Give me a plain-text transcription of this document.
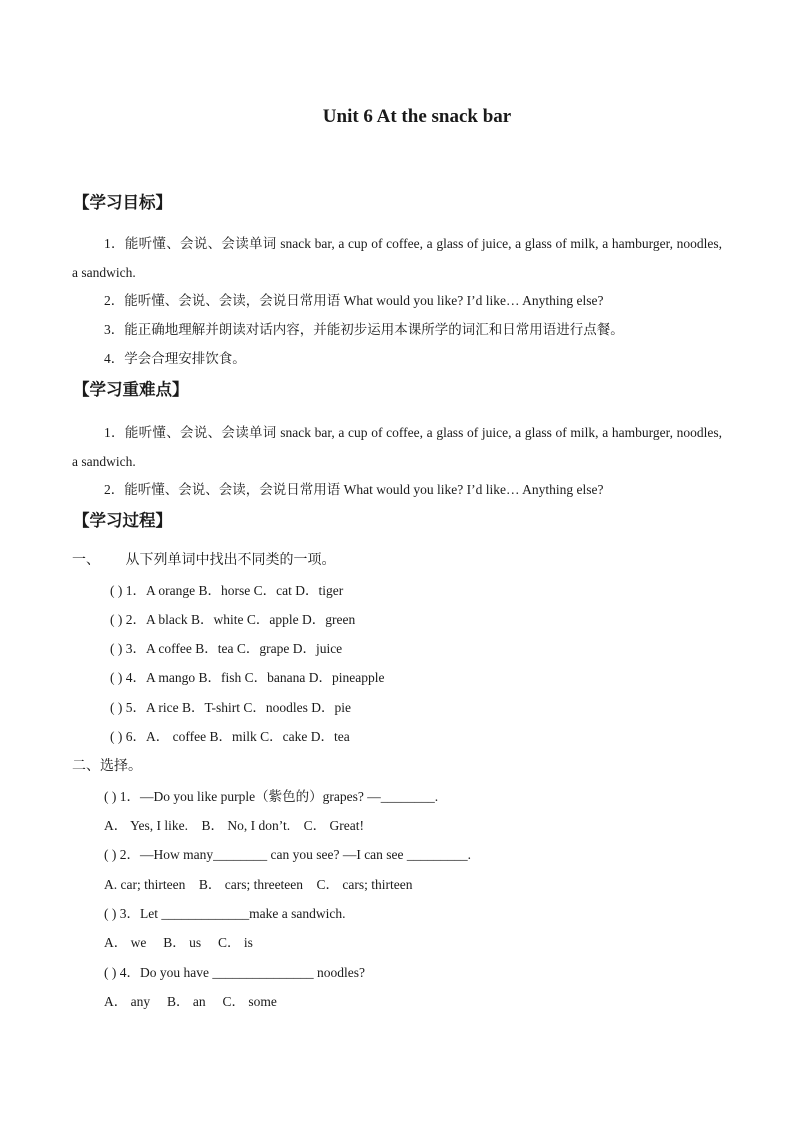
Unit 6 At the snack bar
【学习目标】
1．能听懂、会说、会读单词 snack bar, a cup of coffee, a glass of juice, a glass of milk, a hamburger, noodles, a sandwich.
2．能听懂、会说、会读，会说日常用语 What would you like? I’d like… Anything else?
3．能正确地理解并朗读对话内容，并能初步运用本课所学的词汇和日常用语进行点餐。
4．学会合理安排饮食。
【学习重难点】
1．能听懂、会说、会读单词 snack bar, a cup of coffee, a glass of juice, a glass of milk, a hamburger, noodles, a sandwich.
2．能听懂、会说、会读，会说日常用语 What would you like? I’d like… Anything else?
【学习过程】
一、 从下列单词中找出不同类的一项。
( ) 1．A orange B．horse C．cat D．tiger
( ) 2．A black B．white C．apple D．green
( ) 3．A coffee B．tea C．grape D．juice
( ) 4．A mango B．fish C．banana D．pineapple
( ) 5．A rice B．T-shirt C．noodles D．pie
( ) 6．A． coffee B．milk C．cake D．tea
二、选择。
( ) 1．—Do you like purple（紫色的）grapes? —________.
A． Yes, I like.    B． No, I don’t.    C． Great!
( ) 2．—How many________ can you see? —I can see _________.
A. car; thirteen    B． cars; threeteen    C． cars; thirteen
( ) 3．Let _____________make a sandwich.
A． we     B． us     C． is
( ) 4．Do you have _______________ noodles?
A． any     B． an     C． some
